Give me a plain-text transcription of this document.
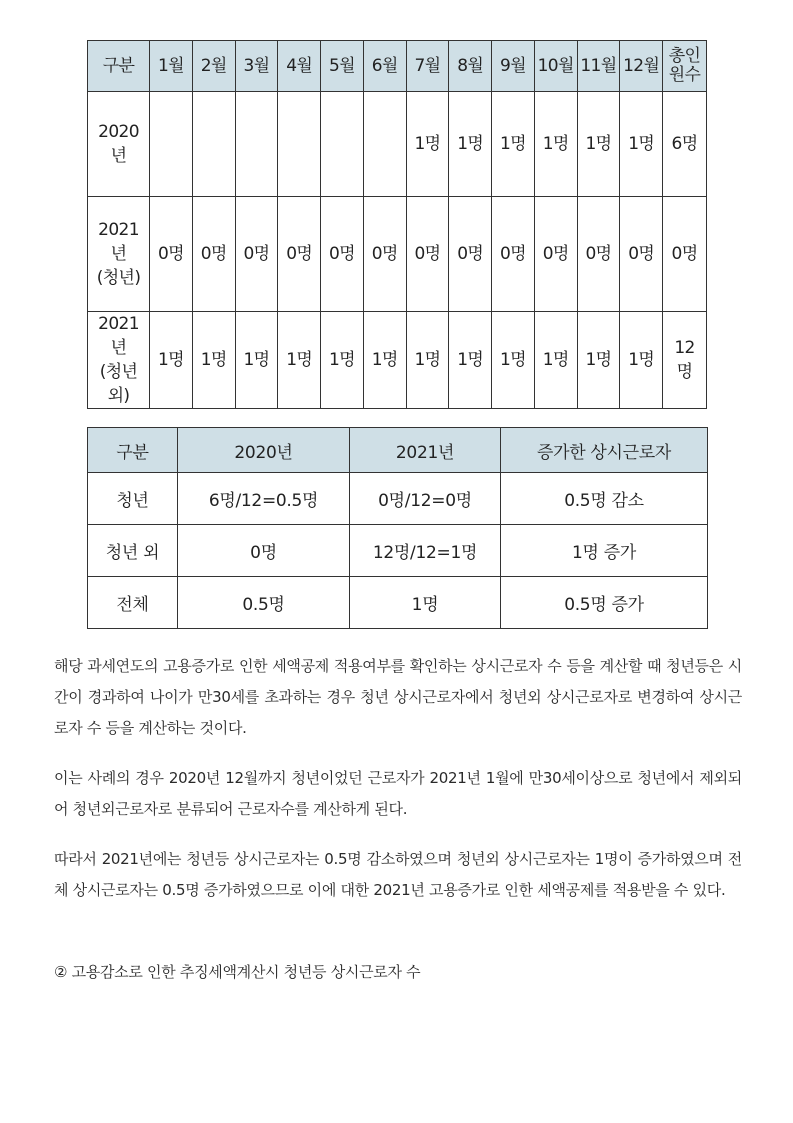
구분	1월	2월	3월	4월	5월	6월	7월	8월	9월	10월	11월	12월	총인
원수
2020
년							1명	1명	1명	1명	1명	1명	6명
2021
년
(청년)	0명	0명	0명	0명	0명	0명	0명	0명	0명	0명	0명	0명	0명
2021
년
(청년
외)	1명	1명	1명	1명	1명	1명	1명	1명	1명	1명	1명	1명	12
명
구분	2020년	2021년	증가한 상시근로자
청년	6명/12=0.5명	0명/12=0명	0.5명 감소
청년 외	0명	12명/12=1명	1명 증가
전체	0.5명	1명	0.5명 증가

해당 과세연도의 고용증가로 인한 세액공제 적용여부를 확인하는 상시근로자 수 등을 계산할 때 청년등은 시간이 경과하여 나이가 만30세를 초과하는 경우 청년 상시근로자에서 청년외 상시근로자로 변경하여 상시근로자 수 등을 계산하는 것이다.

이는 사례의 경우 2020년 12월까지 청년이었던 근로자가 2021년 1월에 만30세이상으로 청년에서 제외되어 청년외근로자로 분류되어 근로자수를 계산하게 된다.

따라서 2021년에는 청년등 상시근로자는 0.5명 감소하였으며 청년외 상시근로자는 1명이 증가하였으며 전체 상시근로자는 0.5명 증가하였으므로 이에 대한 2021년 고용증가로 인한 세액공제를 적용받을 수 있다.

② 고용감소로 인한 추징세액계산시 청년등 상시근로자 수
